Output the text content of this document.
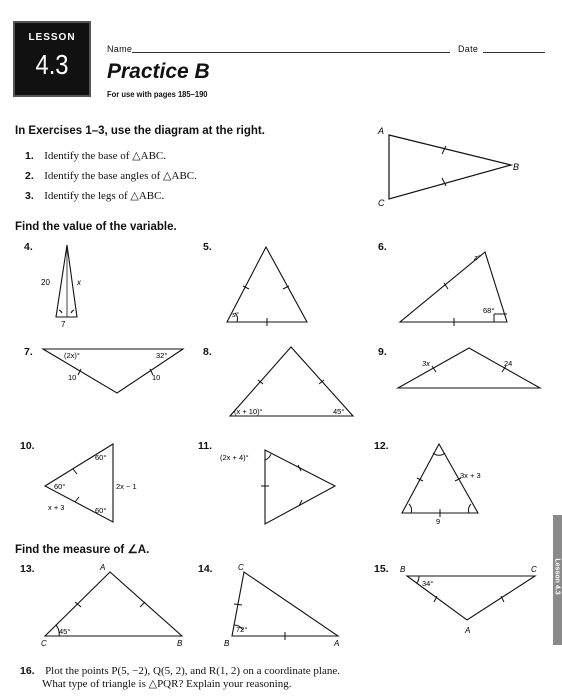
LESSON
4.3	Name	Date
Practice B
For use with pages 185–190
In Exercises 1–3, use the diagram at the right.
1. Identify the base of △ABC.
2. Identify the base angles of △ABC.
3. Identify the legs of △ABC.
A
B
C
Find the value of the variable.
4.
20	x
7
5.
s°
6.
z°
68°
7.	(2x)°	32°
10	10
8.
(x + 10)°	45°
9.
3x	24
10.
60°
60°
60°
2x − 1
x + 3
11.
(2x + 4)°
12.
3x + 3
9
Find the measure of ∠A.
13.	A
45°
C	B
14.	C
72°
B	A
15. B	C
34°
A
16. Plot the points P(5, −2), Q(5, 2), and R(1, 2) on a coordinate plane.
What type of triangle is △PQR? Explain your reasoning.
Lesson 4.3
